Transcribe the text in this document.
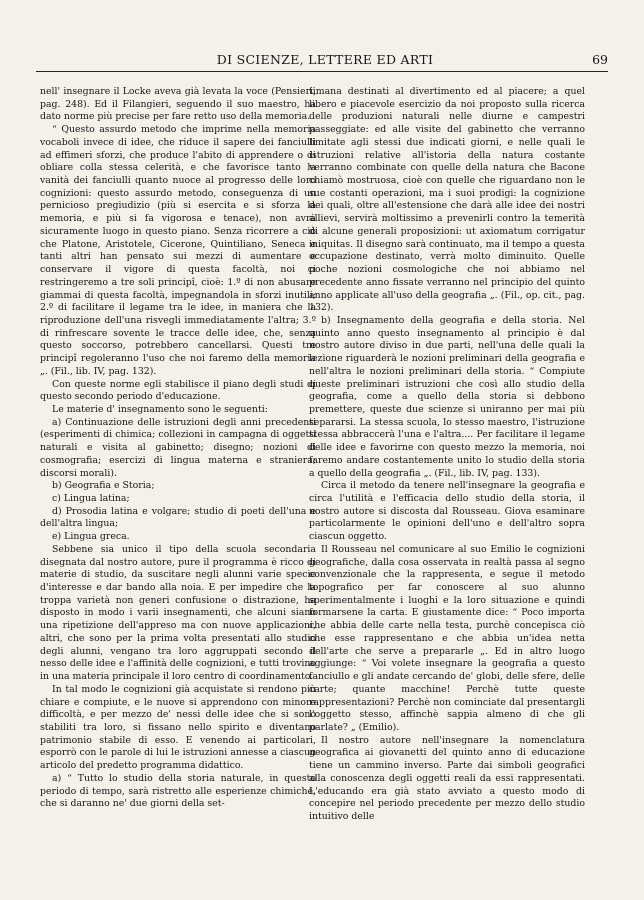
DI SCIENZE, LETTERE ED ARTI	69

nell' insegnare il Locke aveva già levata la voce (Pensieri, pag. 248). Ed il Filangieri, seguendo il suo maestro, ha dato norme più precise per fare retto uso della memoria.

“ Questo assurdo metodo che imprime nella memoria vocaboli invece di idee, che riduce il sapere dei fanciulli ad effimeri sforzi, che produce l'abito di apprendere o di obliare colla stessa celerità, e che favorisce tanto la vanità dei fanciulli quanto nuoce al progresso delle loro cognizioni: questo assurdo metodo, conseguenza di un pernicioso pregiudizio (più si esercita e si sforza la memoria, e più si fa vigorosa e tenace), non avrà sicuramente luogo in questo piano. Senza ricorrere a ciò che Platone, Aristotele, Cicerone, Quintiliano, Seneca e tanti altri han pensato sui mezzi di aumentare e conservare il vigore di questa facoltà, noi ci restringeremo a tre soli principî, cioè: 1.º di non abusare giammai di questa facoltà, impegnandola in sforzi inutili; 2.º di facilitare il legame tra le idee, in maniera che la riproduzione dell'una risvegli immediatamente l'altra; 3.º di rinfrescare sovente le tracce delle idee, che, senza questo soccorso, potrebbero cancellarsi. Questi tre principî regoleranno l'uso che noi faremo della memoria „. (Fil., lib. IV, pag. 132).

Con queste norme egli stabilisce il piano degli studi di questo secondo periodo d'educazione.

Le materie d' insegnamento sono le seguenti:

a) Continuazione delle istruzioni degli anni precedenti (esperimenti di chimica; collezioni in campagna di oggetti naturali e visita al gabinetto; disegno; nozioni di cosmografia; esercizi di lingua materna e straniera; discorsi morali).

b) Geografia e Storia;

c) Lingua latina;

d) Prosodia latina e volgare; studio di poeti dell'una e dell'altra lingua;

e) Lingua greca.

Sebbene sia unico il tipo della scuola secondaria disegnata dal nostro autore, pure il programma è ricco di materie di studio, da suscitare negli alunni varie specie d'interesse e dar bando alla noia. E per impedire che la troppa varietà non generi confusione o distrazione, ha disposto in modo i varii insegnamenti, che alcuni siano una ripetizione dell'appreso ma con nuove applicazioni, altri, che sono per la prima volta presentati allo studio degli alunni, vengano tra loro aggruppati secondo il nesso delle idee e l'affinità delle cognizioni, e tutti trovino in una materia principale il loro centro di coordinamento.

In tal modo le cognizioni già acquistate si rendono più chiare e compiute, e le nuove si apprendono con minore difficoltà, e per mezzo de' nessi delle idee che si sono stabiliti tra loro, si fissano nello spirito e diventano patrimonio stabile di esso. E venendo ai particolari, esporrò con le parole di lui le istruzioni annesse a ciascun articolo del predetto programma didattico.

a) “ Tutto lo studio della storia naturale, in questo periodo di tempo, sarà ristretto alle esperienze chimiche, che si daranno ne' due giorni della set-

timana destinati al divertimento ed al piacere; a quel libero e piacevole esercizio da noi proposto sulla ricerca delle produzioni naturali nelle diurne e campestri passeggiate: ed alle visite del gabinetto che verranno limitate agli stessi due indicati giorni, e nelle quali le istruzioni relative all'istoria della natura costante verranno combinate con quelle della natura che Bacone chiamò mostruosa, cioè con quelle che riguardano non le sue costanti operazioni, ma i suoi prodigi: la cognizione dei quali, oltre all'estensione che darà alle idee dei nostri allievi, servirà moltissimo a prevenirli contro la temerità di alcune generali proposizioni: ut axiomatum corrigatur iniquitas. Il disegno sarà continuato, ma il tempo a questa occupazione destinato, verrà molto diminuito. Quelle poche nozioni cosmologiche che noi abbiamo nel precedente anno fissate verranno nel principio del quinto anno applicate all'uso della geografia „. (Fil., op. cit., pag. 132).

b) Insegnamento della geografia e della storia. Nel quinto anno questo insegnamento al principio è dal nostro autore diviso in due parti, nell'una delle quali la lezione riguarderà le nozioni preliminari della geografia e nell'altra le nozioni preliminari della storia. “ Compiute queste preliminari istruzioni che così allo studio della geografia, come a quello della storia si debbono premettere, queste due scienze si uniranno per mai più separarsi. La stessa scuola, lo stesso maestro, l'istruzione stessa abbraccerà l'una e l'altra.... Per facilitare il legame delle idee e favorirne con questo mezzo la memoria, noi faremo andare costantemente unito lo studio della storia a quello della geografia „. (Fil., lib. IV, pag. 133).

Circa il metodo da tenere nell'insegnare la geografia e circa l'utilità e l'efficacia dello studio della storia, il nostro autore si discosta dal Rousseau. Giova esaminare particolarmente le opinioni dell'uno e dell'altro sopra ciascun oggetto.

Il Rousseau nel comunicare al suo Emilio le cognizioni geografiche, dalla cosa osservata in realtà passa al segno convenzionale che la rappresenta, e segue il metodo topografico per far conoscere al suo alunno sperimentalmente i luoghi e la loro situazione e quindi formarsene la carta. E giustamente dice: “ Poco importa che abbia delle carte nella testa, purchè concepisca ciò che esse rappresentano e che abbia un'idea netta dell'arte che serve a prepararle „. Ed in altro luogo aggiunge: “ Voi volete insegnare la geografia a questo fanciullo e gli andate cercando de' globi, delle sfere, delle carte; quante macchine! Perchè tutte queste rappresentazioni? Perchè non cominciate dal presentargli l'oggetto stesso, affinchè sappia almeno di che gli parlate? „ (Emilio).

Il nostro autore nell'insegnare la nomenclatura geografica ai giovanetti del quinto anno di educazione tiene un cammino inverso. Parte dai simboli geografici alla conoscenza degli oggetti reali da essi rappresentati. L'educando era già stato avviato a questo modo di concepire nel periodo precedente per mezzo dello studio intuitivo delle
